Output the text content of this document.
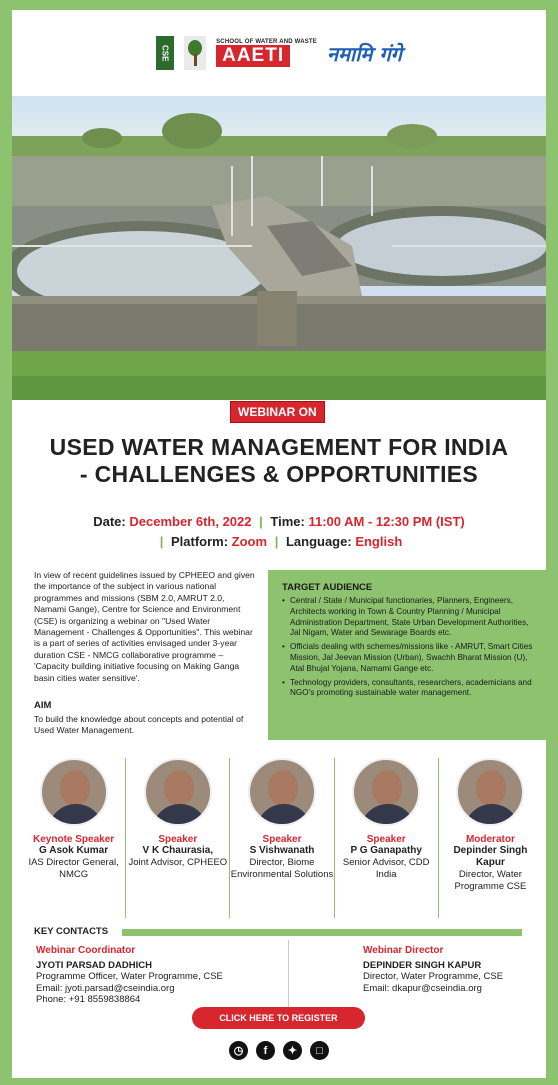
CSE
SCHOOL OF WATER AND WASTE
AAETI	नमामि गंगे
WEBINAR ON
USED WATER MANAGEMENT FOR INDIA
- CHALLENGES & OPPORTUNITIES
Date: December 6th, 2022 | Time: 11:00 AM - 12:30 PM (IST)
| Platform: Zoom | Language: English
In view of recent guidelines issued by CPHEEO and given the importance of the subject in various national programmes and missions (SBM 2.0, AMRUT 2.0, Namami Gange), Centre for Science and Environment (CSE) is organizing a webinar on "Used Water Management - Challenges & Opportunities". This webinar is a part of series of activities envisaged under 3-year duration CSE - NMCG collaborative programme – 'Capacity building initiative focusing on Making Ganga basin cities water sensitive'.
AIM
To build the knowledge about concepts and potential of Used Water Management.
TARGET AUDIENCE
• Central / State / Municipal functionaries, Planners, Engineers, Architects working in Town & Country Planning / Municipal Administration Department, State Urban Development Authorities, Jal Nigam, Water and Sewarage Boards etc.
• Officials dealing with schemes/missions like - AMRUT, Smart Cities Mission, Jal Jeevan Mission (Urban), Swachh Bharat Mission (U), Atal Bhujal Yojana, Namami Gange etc.
• Technology providers, consultants, researchers, academicians and NGO's promoting sustainable water management.
Keynote Speaker
G Asok Kumar
IAS Director General, NMCG
Speaker
V K Chaurasia,
Joint Advisor, CPHEEO
Speaker
S Vishwanath
Director, Biome Environmental Solutions
Speaker
P G Ganapathy
Senior Advisor, CDD India
Moderator
Depinder Singh Kapur
Director, Water Programme CSE
KEY CONTACTS
Webinar Coordinator
JYOTI PARSAD DADHICH
Programme Officer, Water Programme, CSE
Email: jyoti.parsad@cseindia.org
Phone: +91 8559838864
Webinar Director
DEPINDER SINGH KAPUR
Director, Water Programme, CSE
Email: dkapur@cseindia.org
CLICK HERE TO REGISTER
◷	f	✦	□
